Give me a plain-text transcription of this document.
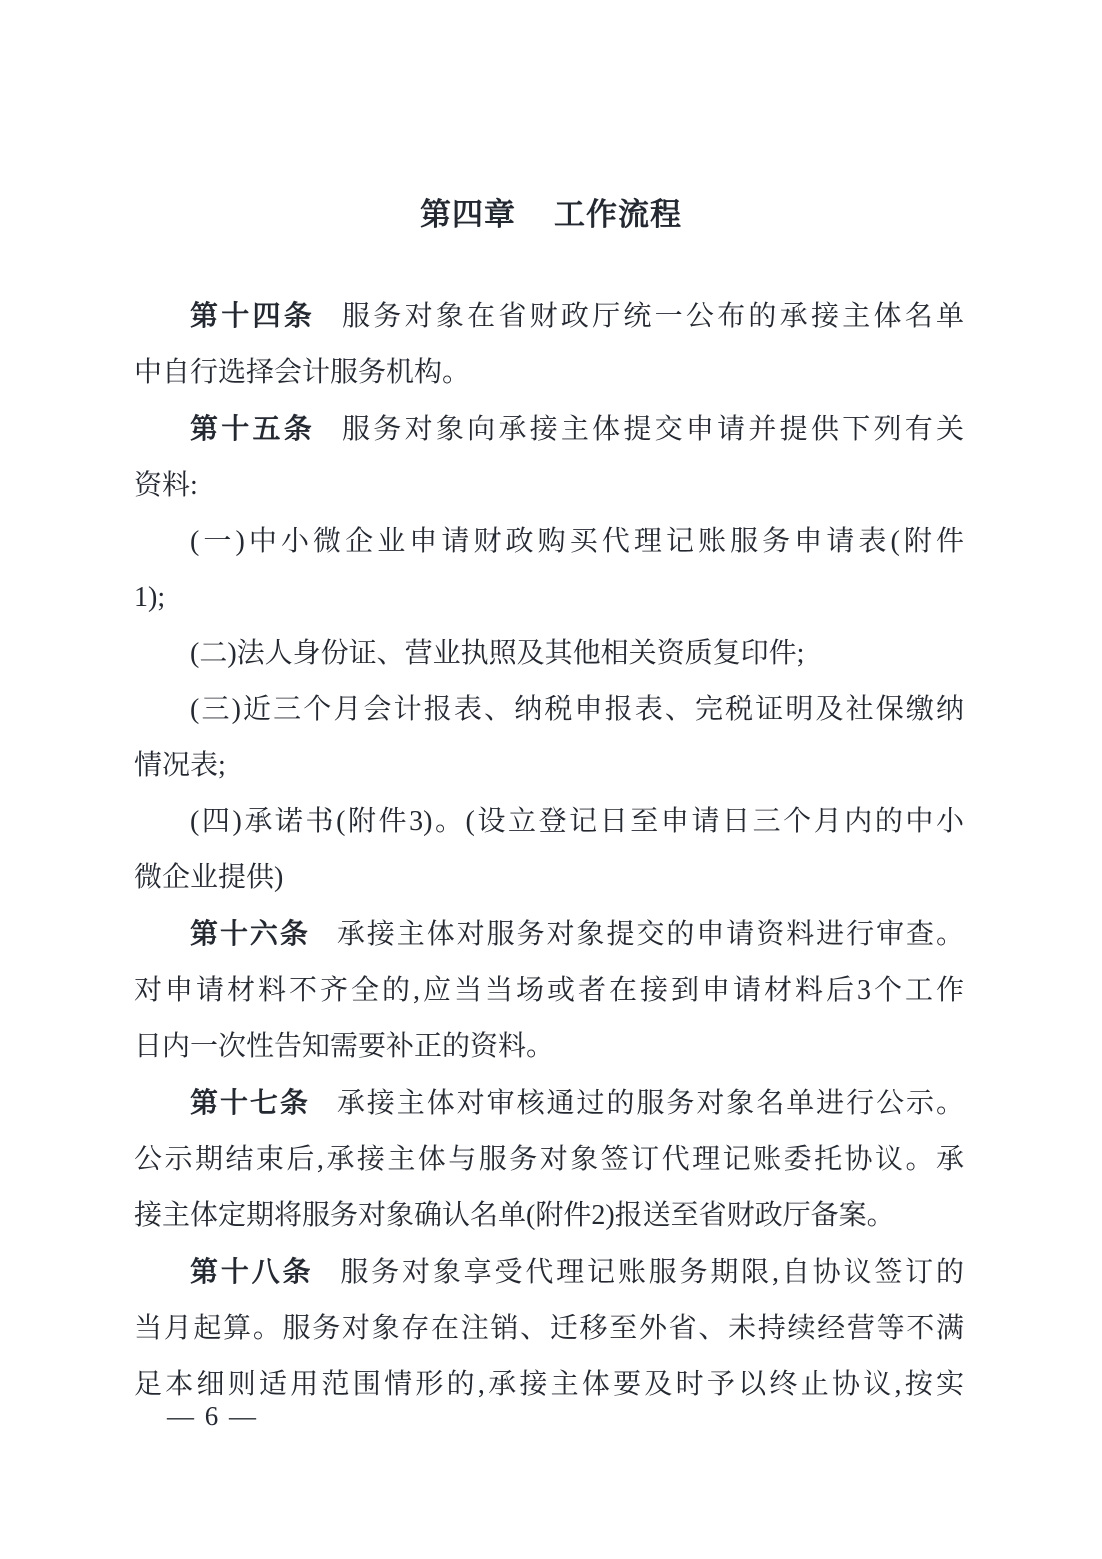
第四章 工作流程
第十四条 服务对象在省财政厅统一公布的承接主体名单
中自行选择会计服务机构。
第十五条 服务对象向承接主体提交申请并提供下列有关
资料:
(一)中小微企业申请财政购买代理记账服务申请表(附件
1);
(二)法人身份证、营业执照及其他相关资质复印件;
(三)近三个月会计报表、纳税申报表、完税证明及社保缴纳
情况表;
(四)承诺书(附件3)。(设立登记日至申请日三个月内的中小
微企业提供)
第十六条 承接主体对服务对象提交的申请资料进行审查。
对申请材料不齐全的,应当当场或者在接到申请材料后3个工作
日内一次性告知需要补正的资料。
第十七条 承接主体对审核通过的服务对象名单进行公示。
公示期结束后,承接主体与服务对象签订代理记账委托协议。承
接主体定期将服务对象确认名单(附件2)报送至省财政厅备案。
第十八条 服务对象享受代理记账服务期限,自协议签订的
当月起算。服务对象存在注销、迁移至外省、未持续经营等不满
足本细则适用范围情形的,承接主体要及时予以终止协议,按实
— 6 —
